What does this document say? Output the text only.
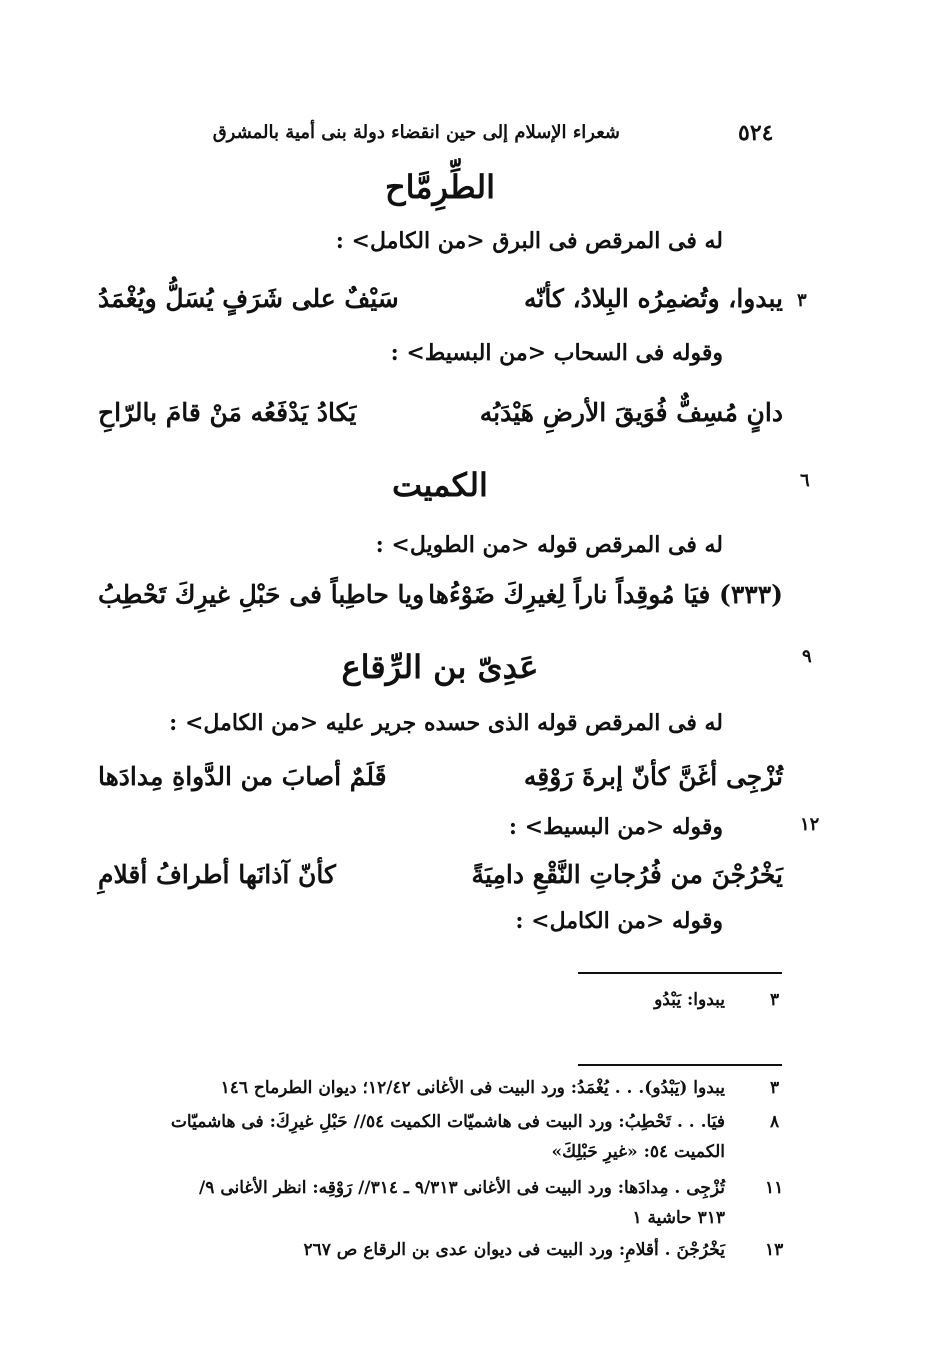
٥٢٤
شعراء الإسلام إلى حين انقضاء دولة بنى أمية بالمشرق
الطِّرِمَّاح
له فى المرقص فى البرق <من الكامل> :
٣
يبدوا، وتُضمِرُه البِلادُ، كأنّه
سَيْفٌ على شَرَفٍ يُسَلُّ ويُغْمَدُ
وقوله فى السحاب <من البسيط> :
دانٍ مُسِفٌّ فُوَيقَ الأرضِ هَيْدَبُه
يَكادُ يَدْفَعُه مَنْ قامَ بالرّاحِ
٦
الكميت
له فى المرقص قوله <من الطويل> :
(٣٣٣) فيَا مُوقِداً ناراً لِغيرِكَ ضَوْءُها
ويا حاطِباً فى حَبْلِ غيرِكَ تَحْطِبُ
٩
عَدِىّ بن الرِّقاع
له فى المرقص قوله الذى حسده جرير عليه <من الكامل> :
تُزْجِى أغَنَّ كأنّ إبرةَ رَوْقِه
قَلَمٌ أصابَ من الدَّواةِ مِدادَها
١٢
وقوله <من البسيط> :
يَخْرُجْنَ من فُرُجاتِ النَّقْعِ دامِيَةً
كأنّ آذانَها أطرافُ أقلامِ
وقوله <من الكامل> :
٣
يبدوا: يَبْدُو
٣
يبدوا (يَبْدُو). . . يُغْمَدُ: ورد البيت فى الأغانى ١٢/٤٢؛ ديوان الطرماح ١٤٦
٨
فيَا. . . تَحْطِبُ: ورد البيت فى هاشميّات الكميت ٥٤// حَبْلِ غيرِكَ: فى هاشميّات
الكميت ٥٤: «غيرِ حَبْلِكَ»
١١
تُزْجِى . مِدادَها: ورد البيت فى الأغانى ٩/٣١٣ ـ ٣١٤// رَوْقِه: انظر الأغانى ٩/
٣١٣ حاشية ١
١٣
يَخْرُجْنَ . أقلامِ: ورد البيت فى ديوان عدى بن الرقاع ص ٢٦٧
